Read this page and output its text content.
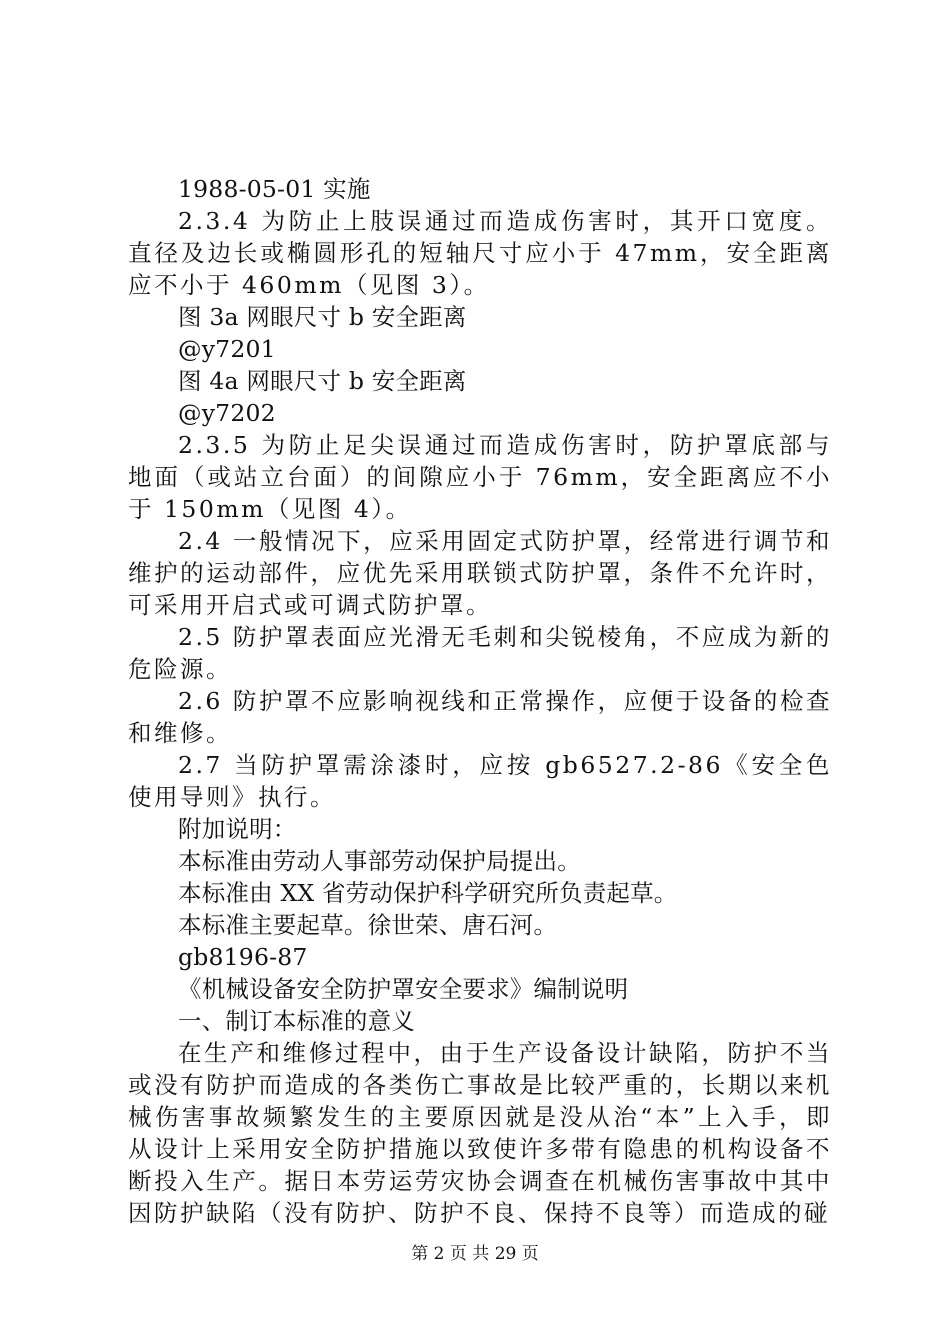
1988-05-01 实施

2.3.4 为防止上肢误通过而造成伤害时，其开口宽度。直径及边长或椭圆形孔的短轴尺寸应小于 47mm，安全距离应不小于 460mm（见图 3）。

图 3a 网眼尺寸 b 安全距离

@y7201

图 4a 网眼尺寸 b 安全距离

@y7202

2.3.5 为防止足尖误通过而造成伤害时，防护罩底部与地面（或站立台面）的间隙应小于 76mm，安全距离应不小于 150mm（见图 4）。

2.4 一般情况下，应采用固定式防护罩，经常进行调节和维护的运动部件，应优先采用联锁式防护罩，条件不允许时，可采用开启式或可调式防护罩。

2.5 防护罩表面应光滑无毛刺和尖锐棱角，不应成为新的危险源。

2.6 防护罩不应影响视线和正常操作，应便于设备的检查和维修。

2.7 当防护罩需涂漆时，应按 gb6527.2-86《安全色使用导则》执行。

附加说明：

本标准由劳动人事部劳动保护局提出。

本标准由 XX 省劳动保护科学研究所负责起草。

本标准主要起草。徐世荣、唐石河。

gb8196-87

《机械设备安全防护罩安全要求》编制说明

一、制订本标准的意义

在生产和维修过程中，由于生产设备设计缺陷，防护不当或没有防护而造成的各类伤亡事故是比较严重的，长期以来机械伤害事故频繁发生的主要原因就是没从治“本”上入手，即从设计上采用安全防护措施以致使许多带有隐患的机构设备不断投入生产。据日本劳运劳灾协会调查在机械伤害事故中其中因防护缺陷（没有防护、防护不良、保持不良等）而造成的碰

第 2 页 共 29 页
